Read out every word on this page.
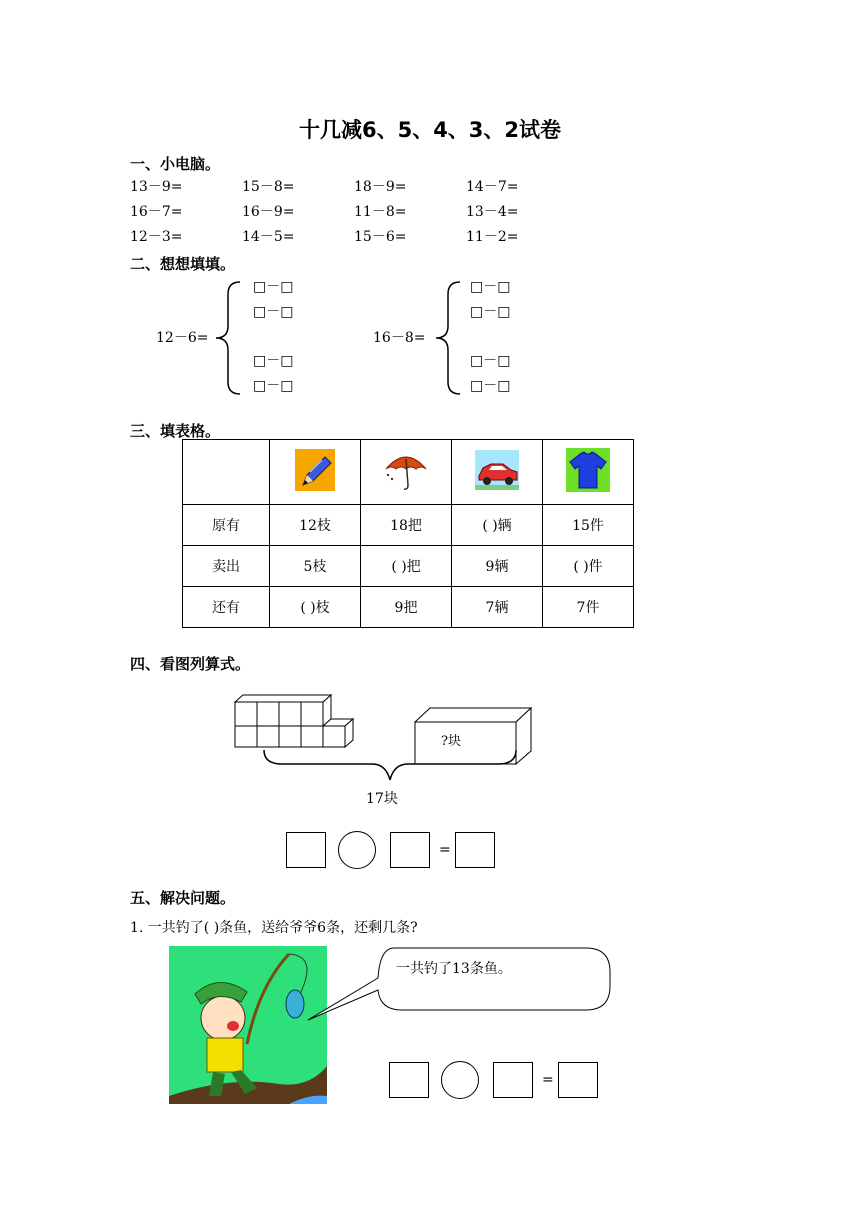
十几减6、5、4、3、2试卷
一、小电脑。
13－9=	15－8=	18－9=	14－7=
16－7=	16－9=	11－8=	13－4=
12－3=	14－5=	15－6=	11－2=
二、想想填填。
12－6=
□－□
□－□
□－□
□－□
16－8=
□－□
□－□
□－□
□－□
三、填表格。

原有	12枝	18把	( )辆	15件
卖出	5枝	( )把	9辆	( )件
还有	( )枝	9把	7辆	7件
四、看图列算式。
?块
17块
=
五、解决问题。
1. 一共钓了( )条鱼，送给爷爷6条，还剩几条?
一共钓了13条鱼。
=
